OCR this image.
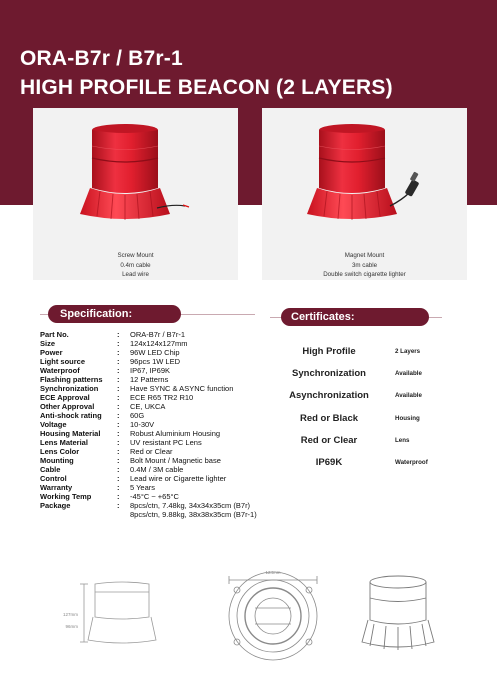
ORA-B7r / B7r-1
HIGH PROFILE BEACON (2 LAYERS)
Screw Mount
0.4m cable
Lead wire
Magnet Mount
3m cable
Double switch cigarette lighter
Specification:	Certificates:
Part No.	: ORA-B7r / B7r-1
Size	: 124x124x127mm
Power	: 96W LED Chip
Light source	: 96pcs 1W LED
Waterproof	: IP67, IP69K
Flashing patterns : 12 Patterns
Synchronization : Have SYNC & ASYNC function
ECE Approval	: ECE R65 TR2 R10
Other Approval	: CE, UKCA
Anti-shock rating : 60G
Voltage	: 10-30V
Housing Material : Robust Aluminium Housing
Lens Material	: UV resistant PC Lens
Lens Color	: Red or Clear
Mounting	: Bolt Mount / Magnetic base
Cable	: 0.4M / 3M cable
Control	: Lead wire or Cigarette lighter
Warranty	: 5 Years
Working Temp	: -45°C ~ +65°C
Package	: 8pcs/ctn, 7.48kg, 34x34x35cm (B7r)
8pcs/ctn, 9.88kg, 38x38x35cm (B7r-1)
High Profile	2 Layers
Synchronization	Available
Asynchronization	Available
Red or Black	Housing
Red or Clear	Lens
IP69K	Waterproof
127mm
96mm
124mm
